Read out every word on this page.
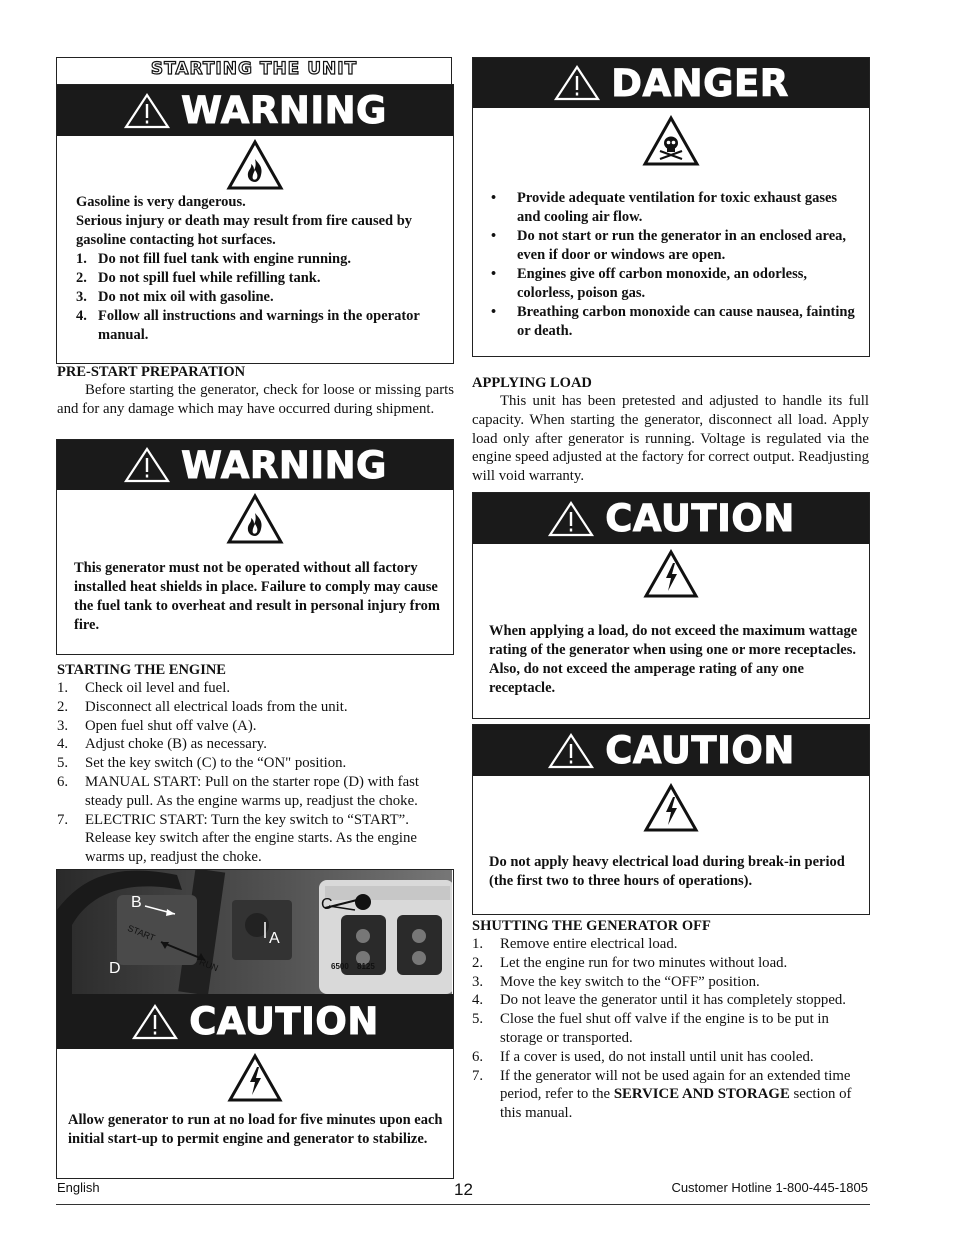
STARTING THE UNIT
WARNING
Gasoline is very dangerous.
Serious injury or death may result from fire caused by gasoline contacting hot surfaces.
1. Do not fill fuel tank with engine running.
2. Do not spill fuel while refilling tank.
3. Do not mix oil with gasoline.
4. Follow all instructions and warnings in the operator manual.
PRE-START PREPARATION
Before starting the generator, check for loose or missing parts and for any damage which may have occurred during shipment.
WARNING
This generator must not be operated without all factory installed heat shields in place. Failure to comply may cause the fuel tank to overheat and result in personal injury from fire.
STARTING THE ENGINE
1. Check oil level and fuel.
2. Disconnect all electrical loads from the unit.
3. Open fuel shut off valve (A).
4. Adjust choke (B) as necessary.
5. Set the key switch (C) to the “ON" position.
6. MANUAL START: Pull on the starter rope (D) with fast steady pull. As the engine warms up, readjust the choke.
7. ELECTRIC START: Turn the key switch to “START”. Release key switch after the engine starts. As the engine warms up, readjust the choke.
B	C
A
D
START
RUN	6500 8125
CAUTION
Allow generator to run at no load for five minutes upon each initial start-up to permit engine and generator to stabilize.
DANGER
• Provide adequate ventilation for toxic exhaust gases and cooling air flow.
• Do not start or run the generator in an enclosed area, even if door or windows are open.
• Engines give off carbon monoxide, an odorless, colorless, poison gas.
• Breathing carbon monoxide can cause nausea, fainting or death.
APPLYING LOAD
This unit has been pretested and adjusted to handle its full capacity. When starting the generator, disconnect all load. Apply load only after generator is running. Voltage is regulated via the engine speed adjusted at the factory for correct output. Readjusting will void warranty.
CAUTION
When applying a load, do not exceed the maximum wattage rating of the generator when using one or more receptacles. Also, do not exceed the amperage rating of any one receptacle.
CAUTION
Do not apply heavy electrical load during break-in period (the first two to three hours of operations).
SHUTTING THE GENERATOR OFF
1. Remove entire electrical load.
2. Let the engine run for two minutes without load.
3. Move the key switch to the “OFF” position.
4. Do not leave the generator until it has completely stopped.
5. Close the fuel shut off valve if the engine is to be put in storage or transported.
6. If a cover is used, do not install until unit has cooled.
7. If the generator will not be used again for an extended time period, refer to the SERVICE AND STORAGE section of this manual.
English	12	Customer Hotline 1-800-445-1805
